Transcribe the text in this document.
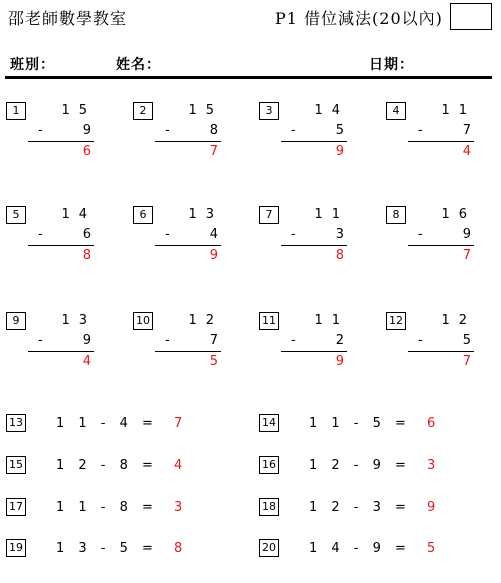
邵老師數學教室	P1 借位減法(20以內)
班別：	姓名：	日期：
1	15
-	9
6
2	15
-	8
7
3	14
-	5
9
4	11
-	7
4
5	14
-	6
8
6	13
-	4
9
7	11
-	3
8
8	16
-	9
7
9	13
-	9
4
10	12
-	7
5
11	11
-	2
9
12	12
-	5
7
13	1 1 - 4 = 7	14	1 1 - 5 = 6
15	1 2 - 8 = 4	16	1 2 - 9 = 3
17	1 1 - 8 = 3	18	1 2 - 3 = 9
19	1 3 - 5 = 8	20	1 4 - 9 = 5
